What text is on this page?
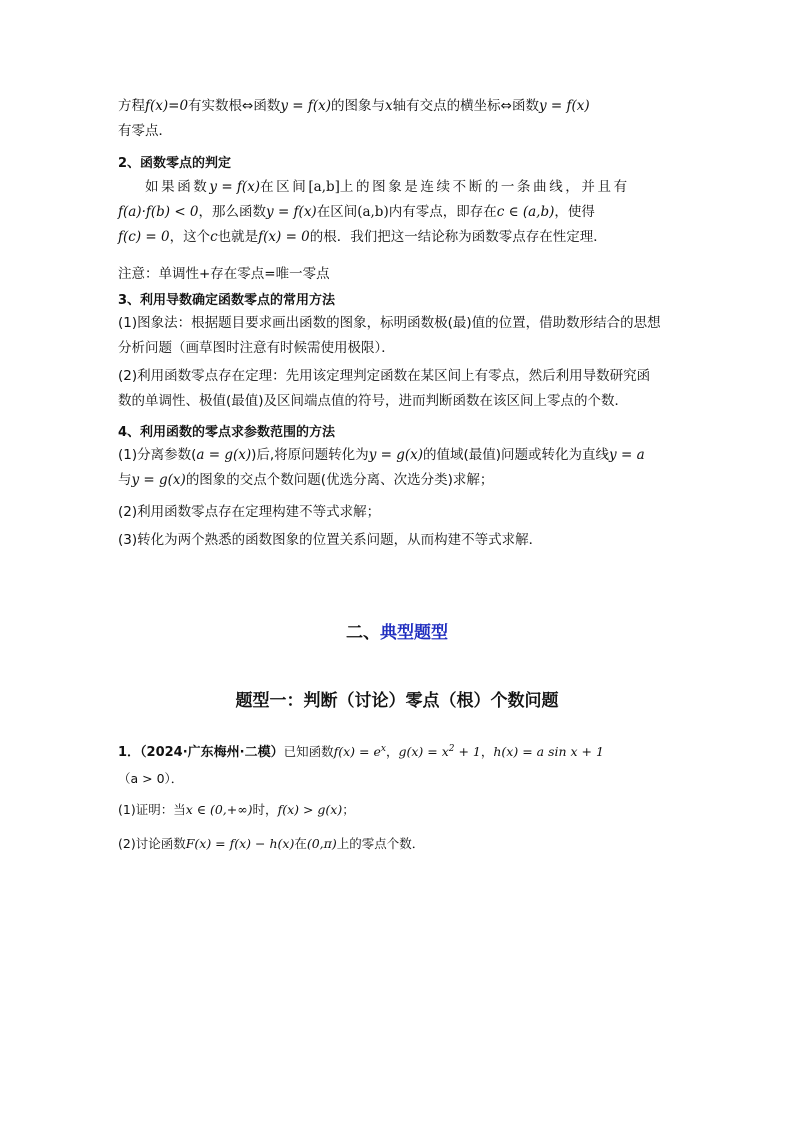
方程f(x)=0有实数根⇔函数y = f(x)的图象与x轴有交点的横坐标⇔函数y = f(x)
有零点．
2、函数零点的判定
如果函数y = f(x)在区间[a,b]上的图象是连续不断的一条曲线，并且有
f(a)·f(b) < 0，那么函数y = f(x)在区间(a,b)内有零点，即存在c ∈ (a,b)，使得
f(c) = 0，这个c也就是f(x) = 0的根．我们把这一结论称为函数零点存在性定理．
注意：单调性+存在零点=唯一零点
3、利用导数确定函数零点的常用方法
(1)图象法：根据题目要求画出函数的图象，标明函数极(最)值的位置，借助数形结合的思想
分析问题（画草图时注意有时候需使用极限）．
(2)利用函数零点存在定理：先用该定理判定函数在某区间上有零点，然后利用导数研究函
数的单调性、极值(最值)及区间端点值的符号，进而判断函数在该区间上零点的个数．
4、利用函数的零点求参数范围的方法
(1)分离参数(a = g(x))后,将原问题转化为y = g(x)的值域(最值)问题或转化为直线y = a
与y = g(x)的图象的交点个数问题(优选分离、次选分类)求解；
(2)利用函数零点存在定理构建不等式求解；
(3)转化为两个熟悉的函数图象的位置关系问题，从而构建不等式求解．
二、典型题型
题型一：判断（讨论）零点（根）个数问题
1．（2024·广东梅州·二模）已知函数$f(x) = e^x$，$g(x) = x^2 + 1$，h(x) = a sin x + 1
（a > 0）．
(1)证明：当x ∈ (0,+∞)时，f(x) > g(x)；
(2)讨论函数F(x) = f(x) − h(x)在(0,π)上的零点个数．
